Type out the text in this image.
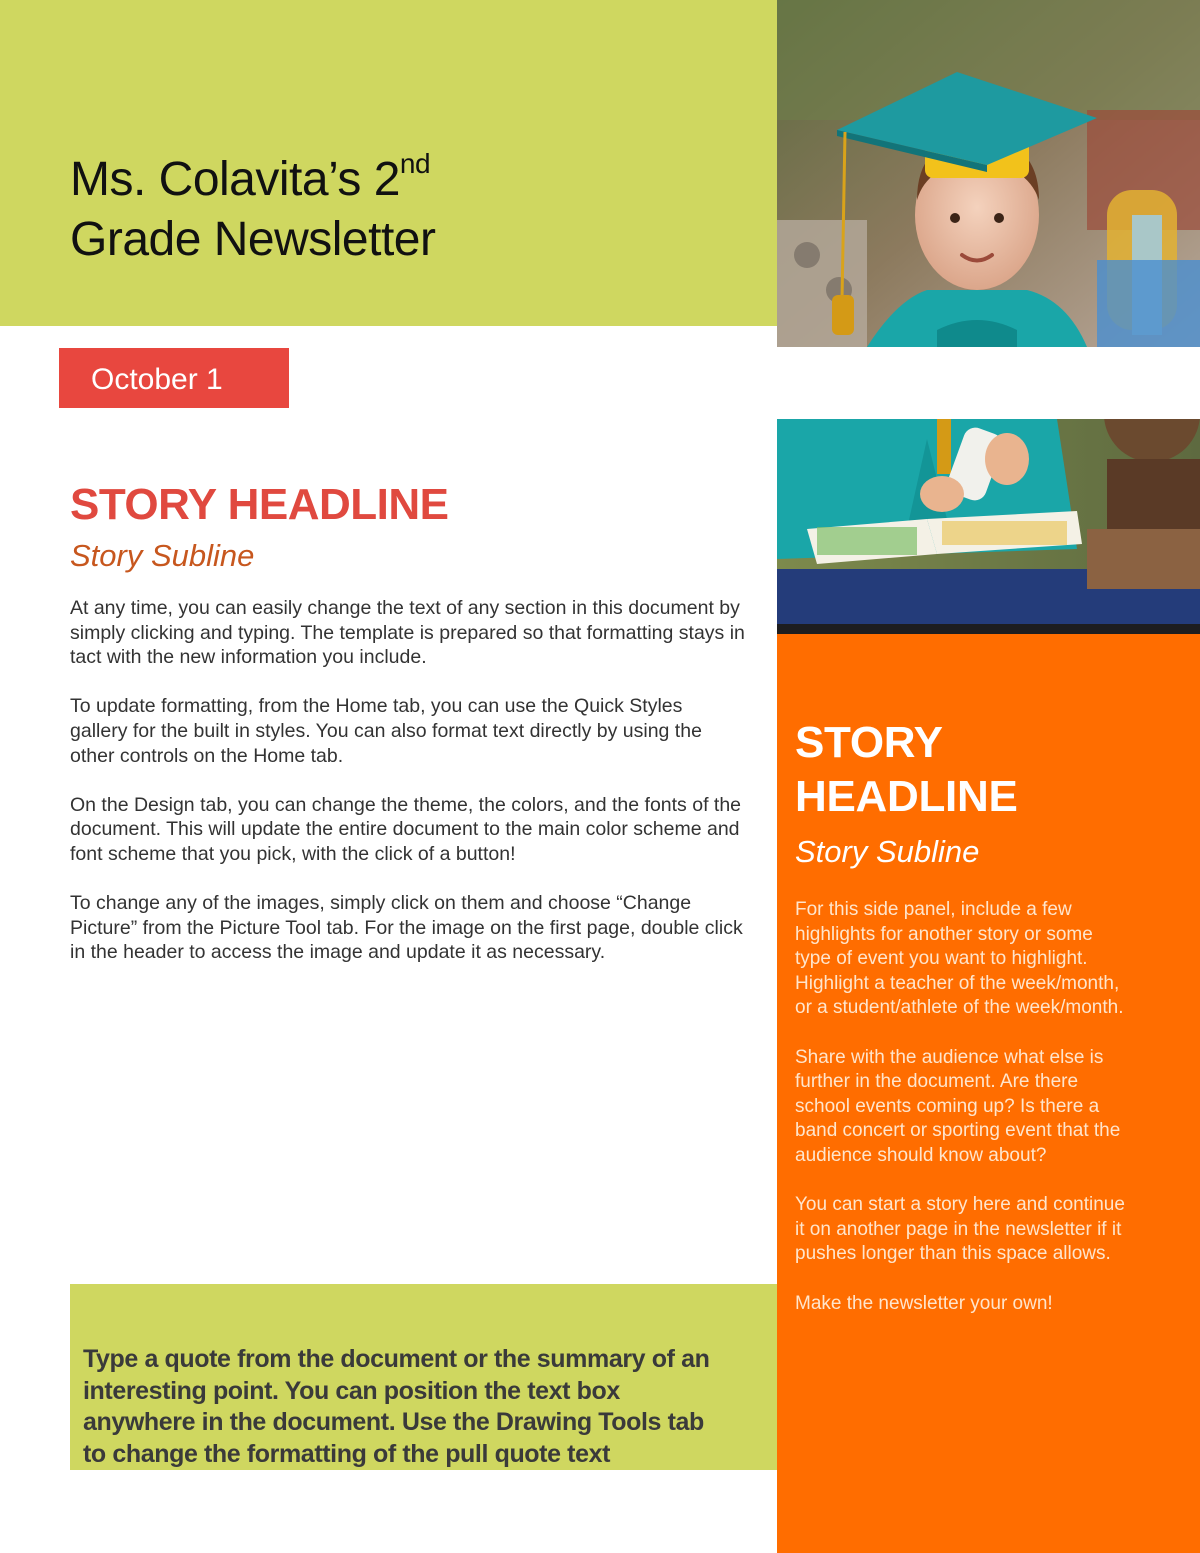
Ms. Colavita’s 2nd
Grade Newsletter
October 1
STORY HEADLINE
Story Subline

At any time, you can easily change the text of any section in this document by simply clicking and typing. The template is prepared so that formatting stays in tact with the new information you include.

To update formatting, from the Home tab, you can use the Quick Styles gallery for the built in styles. You can also format text directly by using the other controls on the Home tab.

On the Design tab, you can change the theme, the colors, and the fonts of the document. This will update the entire document to the main color scheme and font scheme that you pick, with the click of a button!

To change any of the images, simply click on them and choose “Change Picture” from the Picture Tool tab. For the image on the first page, double click in the header to access the image and update it as necessary.

Type a quote from the document or the summary of an interesting point. You can position the text box anywhere in the document. Use the Drawing Tools tab to change the formatting of the pull quote text
STORY HEADLINE
Story Subline

For this side panel, include a few highlights for another story or some type of event you want to highlight. Highlight a teacher of the week/month, or a student/athlete of the week/month.

Share with the audience what else is further in the document. Are there school events coming up? Is there a band concert or sporting event that the audience should know about?

You can start a story here and continue it on another page in the newsletter if it pushes longer than this space allows.

Make the newsletter your own!
